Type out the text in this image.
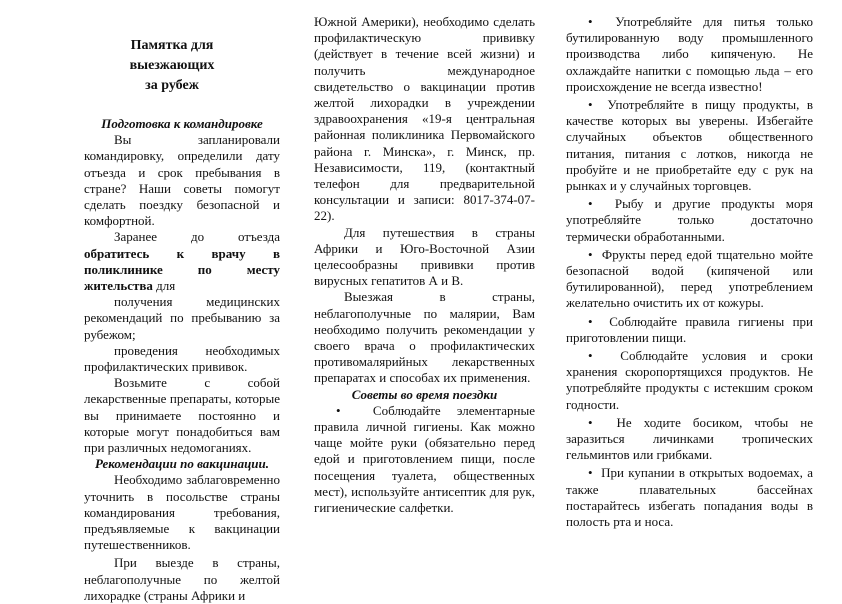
Памятка для
выезжающих
за рубеж

Подготовка к командировке

Вы запланировали командировку, определили дату отъезда и срок пребывания в стране? Наши советы помогут сделать поездку безопасной и комфортной.

Заранее до отъезда обратитесь к врачу в поликлинике по месту жительства для

получения медицинских рекомендаций по пребыванию за рубежом;

проведения необходимых профилактических прививок.

Возьмите с собой лекарственные препараты, которые вы принимаете постоянно и которые могут понадобиться вам при различных недомоганиях.

Рекомендации по вакцинации.

Необходимо заблаговременно уточнить в посольстве страны командирования требования, предъявляемые к вакцинации путешественников.

При выезде в страны, неблагополучные по желтой лихорадке (страны Африки и

Южной Америки), необходимо сделать профилактическую прививку (действует в течение всей жизни) и получить международное свидетельство о вакцинации против желтой лихорадки в учреждении здравоохранения «19-я центральная районная поликлиника Первомайского района г. Минска», г. Минск, пр. Независимости, 119, (контактный телефон для предварительной консультации и записи: 8017-374-07-22).

Для путешествия в страны Африки и Юго-Восточной Азии целесообразны прививки против вирусных гепатитов А и В.

Выезжая в страны, неблагополучные по малярии, Вам необходимо получить рекомендации у своего врача о профилактических противомалярийных лекарственных препаратах и способах их применения.

Советы во время поездки

•  Соблюдайте элементарные правила личной гигиены. Как можно чаще мойте руки (обязательно перед едой и приготовлением пищи, после посещения туалета, общественных мест), используйте антисептик для рук, гигиенические салфетки.

•  Употребляйте для питья только бутилированную воду промышленного производства либо кипяченую. Не охлаждайте напитки с помощью льда – его происхождение не всегда известно!

•  Употребляйте в пищу продукты, в качестве которых вы уверены. Избегайте случайных объектов общественного питания, питания с лотков, никогда не пробуйте и не приобретайте еду с рук на рынках и у случайных торговцев.

•  Рыбу и другие продукты моря употребляйте только достаточно термически обработанными.

•  Фрукты перед едой тщательно мойте безопасной водой (кипяченой или бутилированной), перед употреблением желательно очистить их от кожуры.

•  Соблюдайте правила гигиены при приготовлении пищи.

•  Соблюдайте условия и сроки хранения скоропортящихся продуктов. Не употребляйте продукты с истекшим сроком годности.

•  Не ходите босиком, чтобы не заразиться личинками тропических гельминтов или грибками.

•  При купании в открытых водоемах, а также плавательных бассейнах постарайтесь избегать попадания воды в полость рта и носа.
